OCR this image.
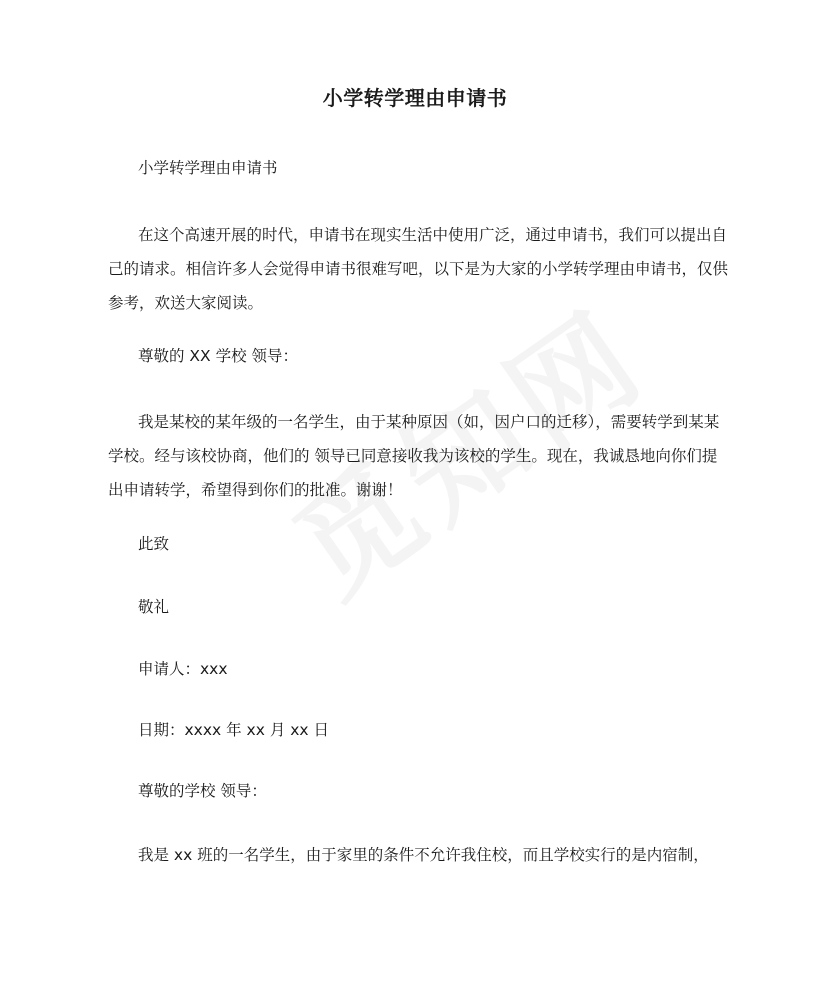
小学转学理由申请书

小学转学理由申请书

在这个高速开展的时代，申请书在现实生活中使用广泛，通过申请书，我们可以提出自己的请求。相信许多人会觉得申请书很难写吧，以下是为大家的小学转学理由申请书，仅供参考，欢送大家阅读。

尊敬的 XX 学校 领导：

我是某校的某年级的一名学生，由于某种原因（如，因户口的迁移），需要转学到某某学校。经与该校协商，他们的 领导已同意接收我为该校的学生。现在，我诚恳地向你们提出申请转学，希望得到你们的批准。谢谢！

此致

敬礼

申请人：xxx

日期：xxxx 年 xx 月 xx 日

尊敬的学校 领导：

我是 xx 班的一名学生，由于家里的条件不允许我住校，而且学校实行的是内宿制，
